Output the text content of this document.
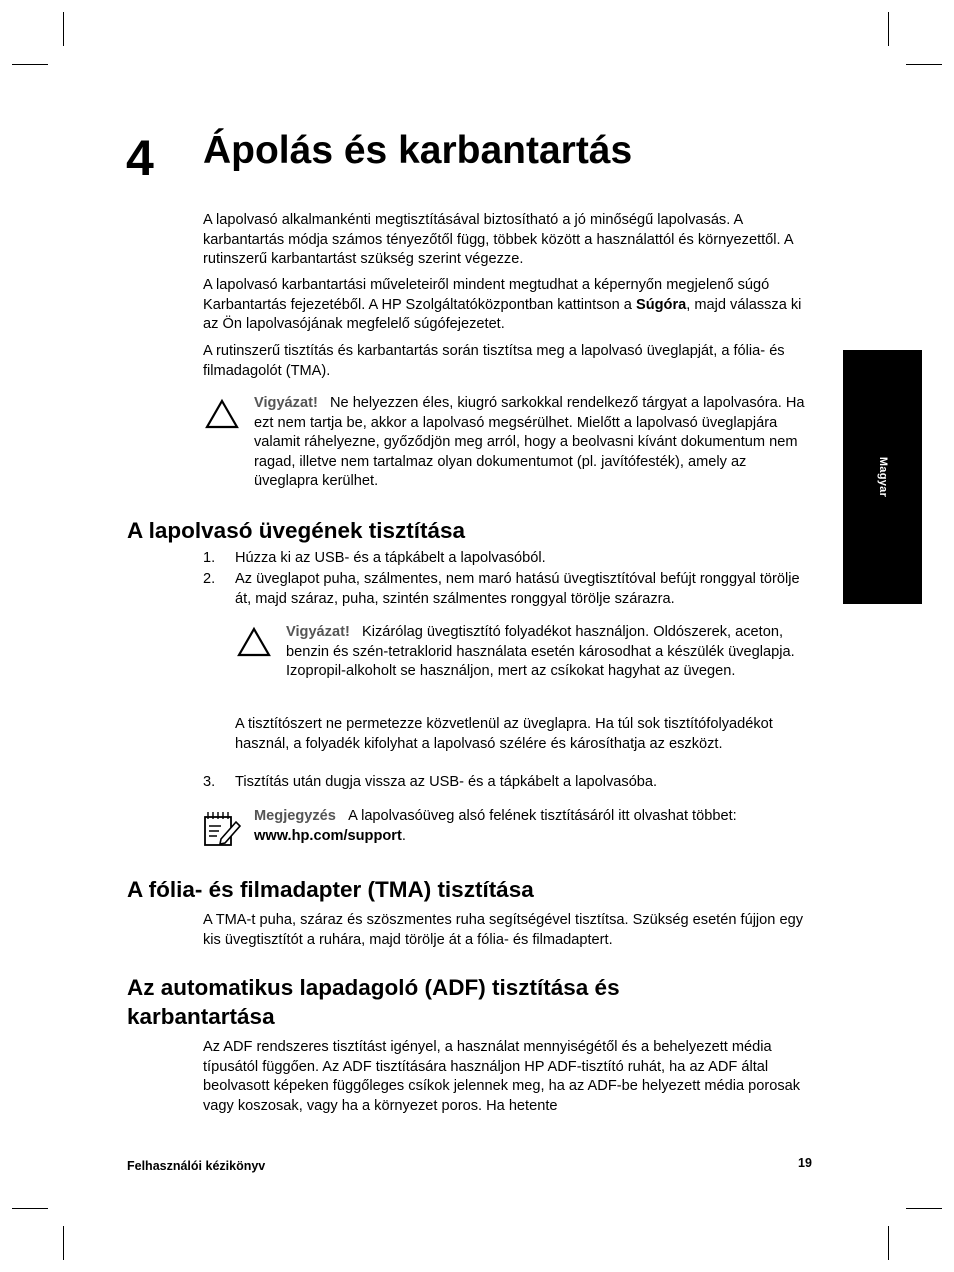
4 Ápolás és karbantartás
Magyar

A lapolvasó alkalmankénti megtisztításával biztosítható a jó minőségű lapolvasás. A karbantartás módja számos tényezőtől függ, többek között a használattól és környezettől. A rutinszerű karbantartást szükség szerint végezze.

A lapolvasó karbantartási műveleteiről mindent megtudhat a képernyőn megjelenő súgó Karbantartás fejezetéből. A HP Szolgáltatóközpontban kattintson a Súgóra, majd válassza ki az Ön lapolvasójának megfelelő súgófejezetet.

A rutinszerű tisztítás és karbantartás során tisztítsa meg a lapolvasó üveglapját, a fólia- és filmadagolót (TMA).

Vigyázat! Ne helyezzen éles, kiugró sarkokkal rendelkező tárgyat a lapolvasóra. Ha ezt nem tartja be, akkor a lapolvasó megsérülhet. Mielőtt a lapolvasó üveglapjára valamit ráhelyezne, győződjön meg arról, hogy a beolvasni kívánt dokumentum nem ragad, illetve nem tartalmaz olyan dokumentumot (pl. javítófesték), amely az üveglapra kerülhet.

A lapolvasó üvegének tisztítása
1. Húzza ki az USB- és a tápkábelt a lapolvasóból.

2. Az üveglapot puha, szálmentes, nem maró hatású üvegtisztítóval befújt ronggyal törölje át, majd száraz, puha, szintén szálmentes ronggyal törölje szárazra.

Vigyázat! Kizárólag üvegtisztító folyadékot használjon. Oldószerek, aceton, benzin és szén-tetraklorid használata esetén károsodhat a készülék üveglapja. Izopropil-alkoholt se használjon, mert az csíkokat hagyhat az üvegen.

A tisztítószert ne permetezze közvetlenül az üveglapra. Ha túl sok tisztítófolyadékot használ, a folyadék kifolyhat a lapolvasó szélére és károsíthatja az eszközt.

3. Tisztítás után dugja vissza az USB- és a tápkábelt a lapolvasóba.

Megjegyzés A lapolvasóüveg alsó felének tisztításáról itt olvashat többet:
www.hp.com/support.

A fólia- és filmadapter (TMA) tisztítása

A TMA-t puha, száraz és szöszmentes ruha segítségével tisztítsa. Szükség esetén fújjon egy kis üvegtisztítót a ruhára, majd törölje át a fólia- és filmadaptert.

Az automatikus lapadagoló (ADF) tisztítása és
karbantartása

Az ADF rendszeres tisztítást igényel, a használat mennyiségétől és a behelyezett média típusától függően. Az ADF tisztítására használjon HP ADF-tisztító ruhát, ha az ADF által beolvasott képeken függőleges csíkok jelennek meg, ha az ADF-be helyezett média porosak vagy koszosak, vagy ha a környezet poros. Ha hetente

Felhasználói kézikönyv	19
